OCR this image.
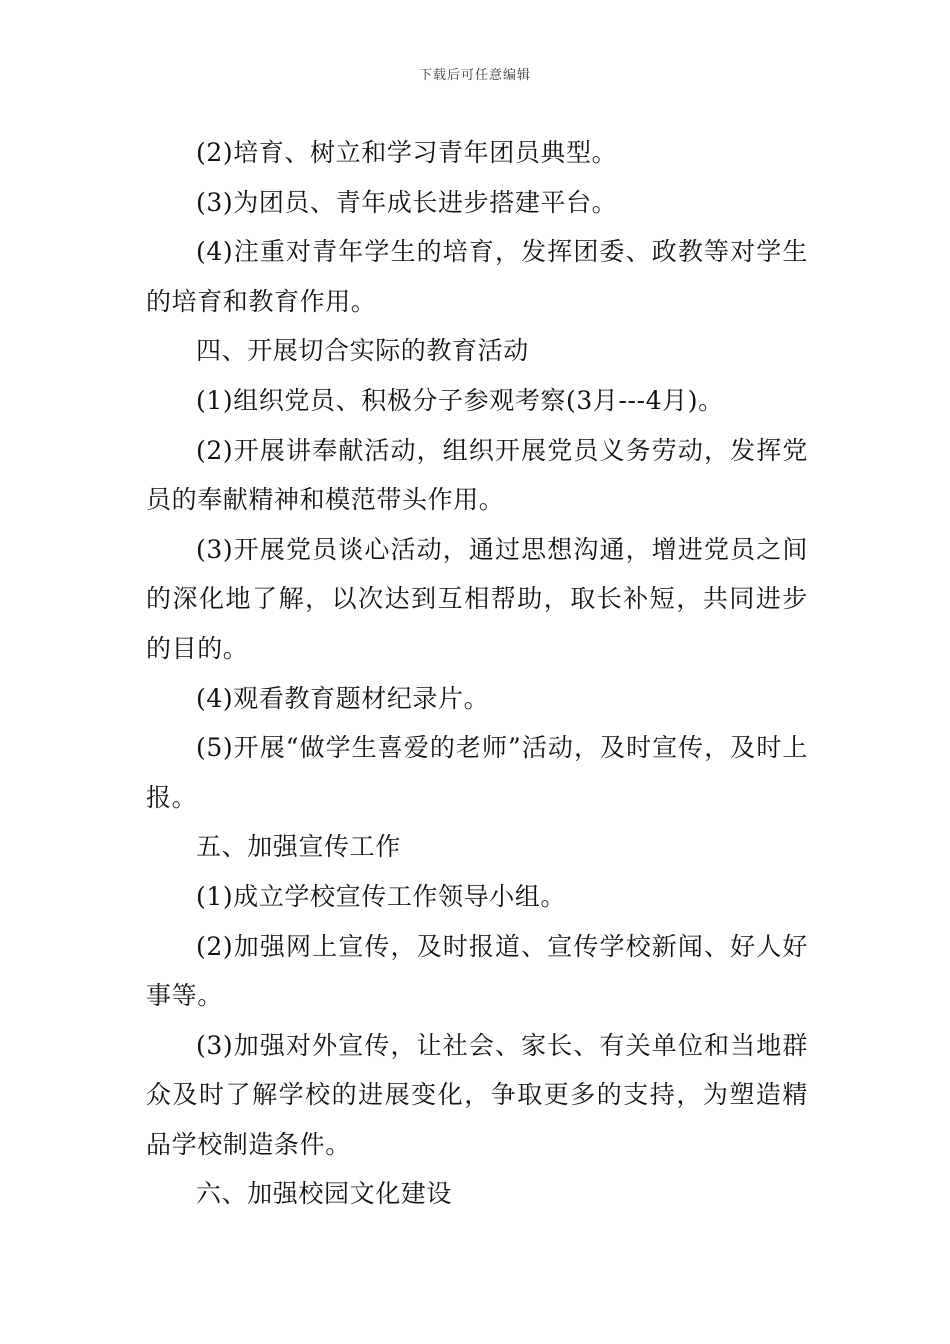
下载后可任意编辑

(2)培育、树立和学习青年团员典型。

(3)为团员、青年成长进步搭建平台。

(4)注重对青年学生的培育，发挥团委、政教等对学生的培育和教育作用。

四、开展切合实际的教育活动

(1)组织党员、积极分子参观考察(3月---4月)。

(2)开展讲奉献活动，组织开展党员义务劳动，发挥党员的奉献精神和模范带头作用。

(3)开展党员谈心活动，通过思想沟通，增进党员之间的深化地了解，以次达到互相帮助，取长补短，共同进步的目的。

(4)观看教育题材纪录片。

(5)开展“做学生喜爱的老师”活动，及时宣传，及时上报。

五、加强宣传工作

(1)成立学校宣传工作领导小组。

(2)加强网上宣传，及时报道、宣传学校新闻、好人好事等。

(3)加强对外宣传，让社会、家长、有关单位和当地群众及时了解学校的进展变化，争取更多的支持，为塑造精品学校制造条件。

六、加强校园文化建设
